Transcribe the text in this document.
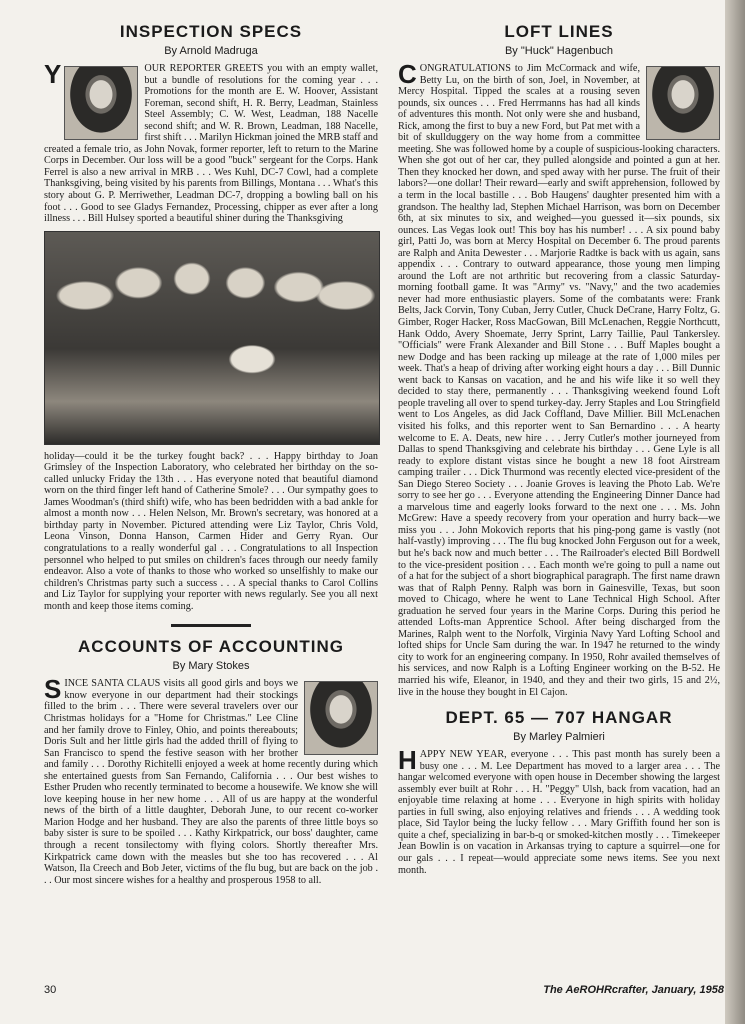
INSPECTION SPECS
By Arnold Madruga

Y	OUR REPORTER GREETS you with an empty wallet, but a bundle of resolutions for the coming year . . . Promotions for the month are E. W. Hoover, Assistant Foreman, second shift, H. R. Berry, Leadman, Stainless Steel Assembly; C. W. West, Leadman, 188 Nacelle second shift; and W. R. Brown, Leadman, 188 Nacelle, first shift . . . Marilyn Hickman joined the MRB staff and created a female trio, as John Novak, former reporter, left to return to the Marine Corps in December. Our loss will be a good "buck" sergeant for the Corps. Hank Ferrel is also a new arrival in MRB . . . Wes Kuhl, DC-7 Cowl, had a complete Thanksgiving, being visited by his parents from Billings, Montana . . . What's this story about G. P. Merriwether, Leadman DC-7, dropping a bowling ball on his foot . . . Good to see Gladys Fernandez, Processing, chipper as ever after a long illness . . . Bill Hulsey sported a beautiful shiner during the Thanksgiving

holiday—could it be the turkey fought back? . . . Happy birthday to Joan Grimsley of the Inspection Laboratory, who celebrated her birthday on the so-called unlucky Friday the 13th . . . Has everyone noted that beautiful diamond worn on the third finger left hand of Catherine Smole? . . . Our sympathy goes to James Woodman's (third shift) wife, who has been bedridden with a bad ankle for almost a month now . . . Helen Nelson, Mr. Brown's secretary, was honored at a birthday party in November. Pictured attending were Liz Taylor, Chris Vold, Leona Vinson, Donna Hanson, Carmen Hider and Gerry Ryan. Our congratulations to a really wonderful gal . . . Congratulations to all Inspection personnel who helped to put smiles on children's faces through our needy family endeavor. Also a vote of thanks to those who worked so unselfishly to make our children's Christmas party such a success . . . A special thanks to Carol Collins and Liz Taylor for supplying your reporter with news regularly. See you all next month and keep those items coming.

ACCOUNTS OF ACCOUNTING
By Mary Stokes

S INCE SANTA CLAUS visits all good girls and boys we know everyone in our department had their stockings filled to the brim . . . There were several travelers over our Christmas holidays for a "Home for Christmas." Lee Cline and her family drove to Finley, Ohio, and points thereabouts; Doris Sult and her little girls had the added thrill of flying to San Francisco to spend the festive season with her brother and family . . . Dorothy Richitelli enjoyed a week at home recently during which she entertained guests from San Fernando, California . . . Our best wishes to Esther Pruden who recently terminated to become a housewife. We know she will love keeping house in her new home . . . All of us are happy at the wonderful news of the birth of a little daughter, Deborah June, to our recent co-worker Marion Hodge and her husband. They are also the parents of three little boys so baby sister is sure to be spoiled . . . Kathy Kirkpatrick, our boss' daughter, came through a recent tonsilectomy with flying colors. Shortly thereafter Mrs. Kirkpatrick came down with the measles but she too has recovered . . . Al Watson, Ila Creech and Bob Jeter, victims of the flu bug, but are back on the job . . . Our most sincere wishes for a healthy and prosperous 1958 to all.

LOFT LINES
By "Huck" Hagenbuch

C ONGRATULATIONS to Jim McCormack and wife, Betty Lu, on the birth of son, Joel, in November, at Mercy Hospital. Tipped the scales at a rousing seven pounds, six ounces . . . Fred Herrmanns has had all kinds of adventures this month. Not only were she and husband, Rick, among the first to buy a new Ford, but Pat met with a bit of skullduggery on the way home from a committee meeting. She was followed home by a couple of suspicious-looking characters. When she got out of her car, they pulled alongside and pointed a gun at her. Then they knocked her down, and sped away with her purse. The fruit of their labors?—one dollar! Their reward—early and swift apprehension, followed by a term in the local bastille . . . Bob Haugens' daughter presented him with a grandson. The healthy lad, Stephen Michael Harrison, was born on December 6th, at six minutes to six, and weighed—you guessed it—six pounds, six ounces. Las Vegas look out! This boy has his number! . . . A six pound baby girl, Patti Jo, was born at Mercy Hospital on December 6. The proud parents are Ralph and Anita Dewester . . . Marjorie Radtke is back with us again, sans appendix . . . Contrary to outward appearance, those young men limping around the Loft are not arthritic but recovering from a classic Saturday-morning football game. It was "Army" vs. "Navy," and the two academies never had more enthusiastic players. Some of the combatants were: Frank Belts, Jack Corvin, Tony Cuban, Jerry Cutler, Chuck DeCrane, Harry Foltz, G. Gimber, Roger Hacker, Ross MacGowan, Bill McLenachen, Reggie Northcutt, Hank Oddo, Avery Shoemate, Jerry Sprint, Larry Taillie, Paul Tankersley. "Officials" were Frank Alexander and Bill Stone . . . Buff Maples bought a new Dodge and has been racking up mileage at the rate of 1,000 miles per week. That's a heap of driving after working eight hours a day . . . Bill Dunnic went back to Kansas on vacation, and he and his wife like it so well they decided to stay there, permanently . . . Thanksgiving weekend found Loft people traveling all over to spend turkey-day. Jerry Staples and Lou Stringfield went to Los Angeles, as did Jack Coffland, Dave Millier. Bill McLenachen visited his folks, and this reporter went to San Bernardino . . . A hearty welcome to E. A. Deats, new hire . . . Jerry Cutler's mother journeyed from Dallas to spend Thanksgiving and celebrate his birthday . . . Gene Lyle is all ready to explore distant vistas since he bought a new 18 foot Airstream camping trailer . . . Dick Thurmond was recently elected vice-president of the San Diego Stereo Society . . . Joanie Groves is leaving the Photo Lab. We're sorry to see her go . . . Everyone attending the Engineering Dinner Dance had a marvelous time and eagerly looks forward to the next one . . . Ms. John McGrew: Have a speedy recovery from your operation and hurry back—we miss you . . . John Mokovich reports that his ping-pong game is vastly (not half-vastly) improving . . . The flu bug knocked John Ferguson out for a week, but he's back now and much better . . . The Railroader's elected Bill Bordwell to the vice-president position . . . Each month we're going to pull a name out of a hat for the subject of a short biographical paragraph. The first name drawn was that of Ralph Penny. Ralph was born in Gainesville, Texas, but soon moved to Chicago, where he went to Lane Technical High School. After graduation he served four years in the Marine Corps. During this period he attended Lofts-man Apprentice School. After being discharged from the Marines, Ralph went to the Norfolk, Virginia Navy Yard Lofting School and lofted ships for Uncle Sam during the war. In 1947 he returned to the windy city to work for an engineering company. In 1950, Rohr availed themselves of his services, and now Ralph is a Lofting Engineer working on the B-52. He married his wife, Eleanor, in 1940, and they and their two girls, 15 and 2½, live in the house they bought in El Cajon.

DEPT. 65 — 707 HANGAR
By Marley Palmieri

H APPY NEW YEAR, everyone . . . This past month has surely been a busy one . . . M. Lee Department has moved to a larger area . . . The hangar welcomed everyone with open house in December showing the largest assembly ever built at Rohr . . . H. "Peggy" Ulsh, back from vacation, had an enjoyable time relaxing at home . . . Everyone in high spirits with holiday parties in full swing, also enjoying relatives and friends . . . A wedding took place, Sid Taylor being the lucky fellow . . . Mary Griffith found her son is quite a chef, specializing in bar-b-q or smoked-kitchen mostly . . . Timekeeper Jean Bowlin is on vacation in Arkansas trying to capture a squirrel—one for our gals . . . I repeat—would appreciate some news items. See you next month.

30	The AeROHRcrafter, January, 1958
